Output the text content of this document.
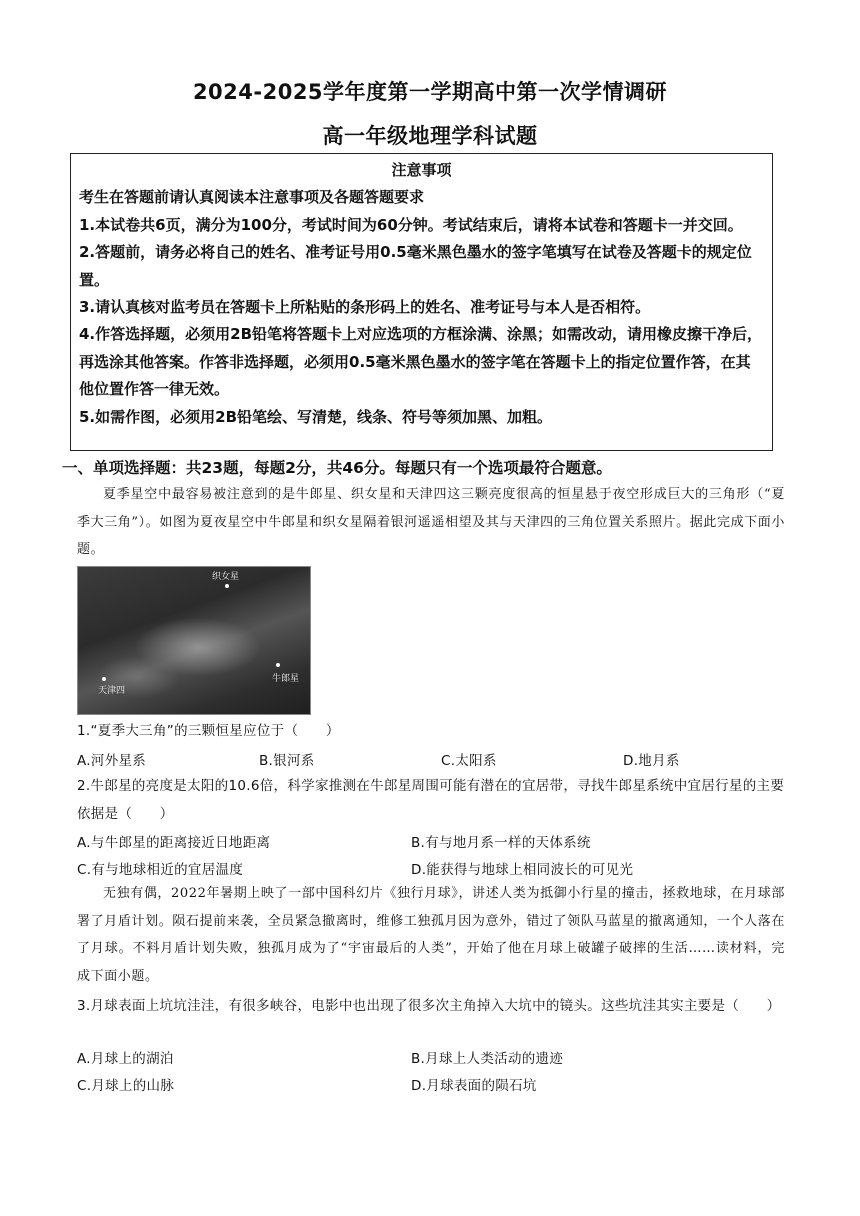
2024-2025学年度第一学期高中第一次学情调研
高一年级地理学科试题
注意事项

考生在答题前请认真阅读本注意事项及各题答题要求

1.本试卷共6页，满分为100分，考试时间为60分钟。考试结束后，请将本试卷和答题卡一并交回。

2.答题前，请务必将自己的姓名、准考证号用0.5毫米黑色墨水的签字笔填写在试卷及答题卡的规定位置。

3.请认真核对监考员在答题卡上所粘贴的条形码上的姓名、准考证号与本人是否相符。

4.作答选择题，必须用2B铅笔将答题卡上对应选项的方框涂满、涂黑；如需改动，请用橡皮擦干净后，再选涂其他答案。作答非选择题，必须用0.5毫米黑色墨水的签字笔在答题卡上的指定位置作答，在其他位置作答一律无效。

5.如需作图，必须用2B铅笔绘、写清楚，线条、符号等须加黑、加粗。

一、单项选择题：共23题，每题2分，共46分。每题只有一个选项最符合题意。

夏季星空中最容易被注意到的是牛郎星、织女星和天津四这三颗亮度很高的恒星悬于夜空形成巨大的三角形（“夏季大三角”）。如图为夏夜星空中牛郎星和织女星隔着银河遥遥相望及其与天津四的三角位置关系照片。据此完成下面小题。

织女星
牛郎星
天津四

1.“夏季大三角”的三颗恒星应位于（　　）

A.河外星系	B.银河系	C.太阳系	D.地月系

2.牛郎星的亮度是太阳的10.6倍，科学家推测在牛郎星周围可能有潜在的宜居带，寻找牛郎星系统中宜居行星的主要依据是（　　）

A.与牛郎星的距离接近日地距离	B.有与地月系一样的天体系统
C.有与地球相近的宜居温度	D.能获得与地球上相同波长的可见光

无独有偶，2022年暑期上映了一部中国科幻片《独行月球》，讲述人类为抵御小行星的撞击，拯救地球，在月球部署了月盾计划。陨石提前来袭，全员紧急撤离时，维修工独孤月因为意外，错过了领队马蓝星的撤离通知，一个人落在了月球。不料月盾计划失败，独孤月成为了“宇宙最后的人类”，开始了他在月球上破罐子破摔的生活……读材料，完成下面小题。

3.月球表面上坑坑洼洼，有很多峡谷，电影中也出现了很多次主角掉入大坑中的镜头。这些坑洼其实主要是（　　）

A.月球上的湖泊	B.月球上人类活动的遗迹
C.月球上的山脉	D.月球表面的陨石坑
